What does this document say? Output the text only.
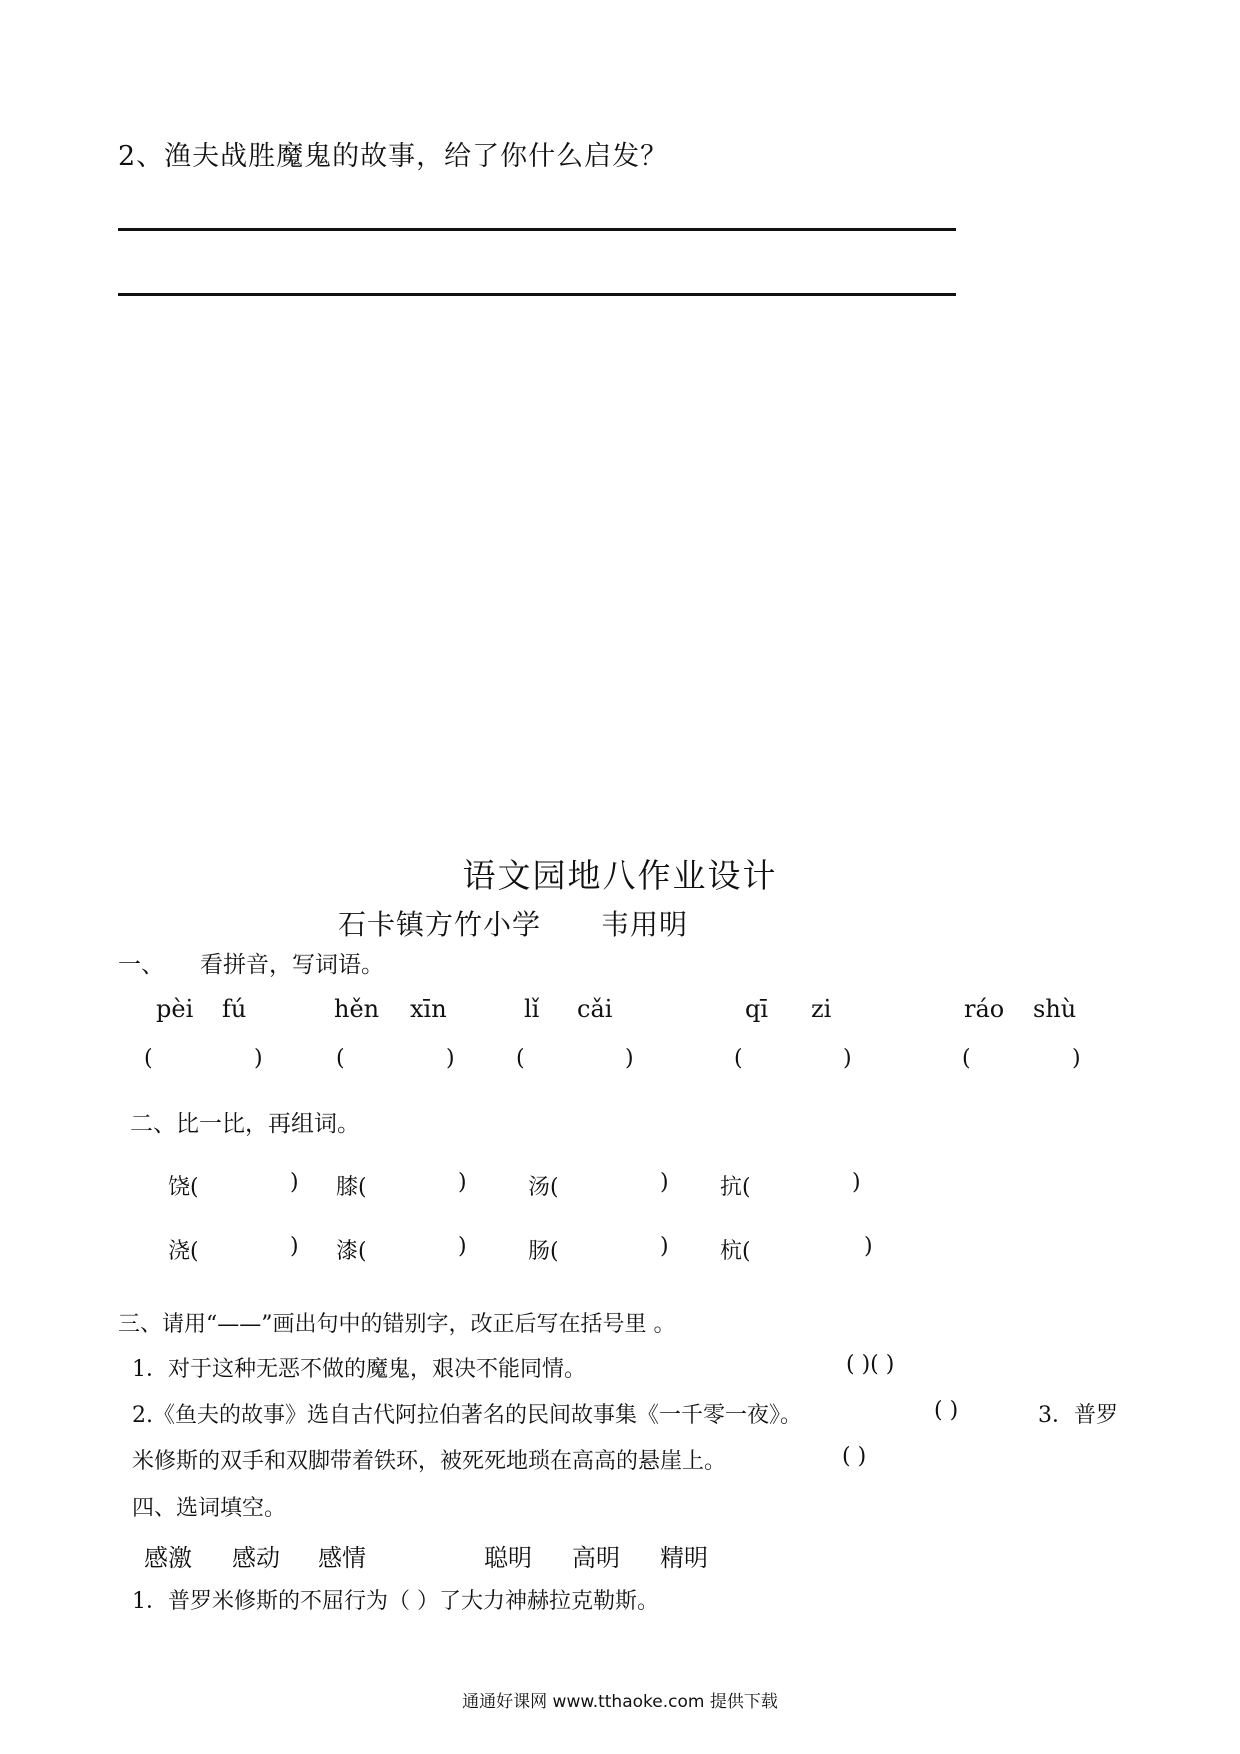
2、渔夫战胜魔鬼的故事，给了你什么启发？
语文园地八作业设计
石卡镇方竹小学 韦用明
一、 看拼音，写词语。
pèi fú	hěn xīn	lǐ cǎi	qī zi	ráo shù
(	)	(	)	(	)	(	)	(	)
二、比一比，再组词。
饶(	) 膝(	)	汤(	) 抗(	)
浇(	) 漆(	)	肠(	) 杭(	)
三、请用“——”画出句中的错别字，改正后写在括号里 。
1．对于这种无恶不做的魔鬼，艰决不能同情。	( )( )
2.《鱼夫的故事》选自古代阿拉伯著名的民间故事集《一千零一夜》。	( )	3．普罗
米修斯的双手和双脚带着铁环，被死死地琐在高高的悬崖上。	( )
四、选词填空。
感激 感动 感情	聪明 高明 精明
1．普罗米修斯的不屈行为（ ）了大力神赫拉克勒斯。
通通好课网 www.tthaoke.com 提供下载
